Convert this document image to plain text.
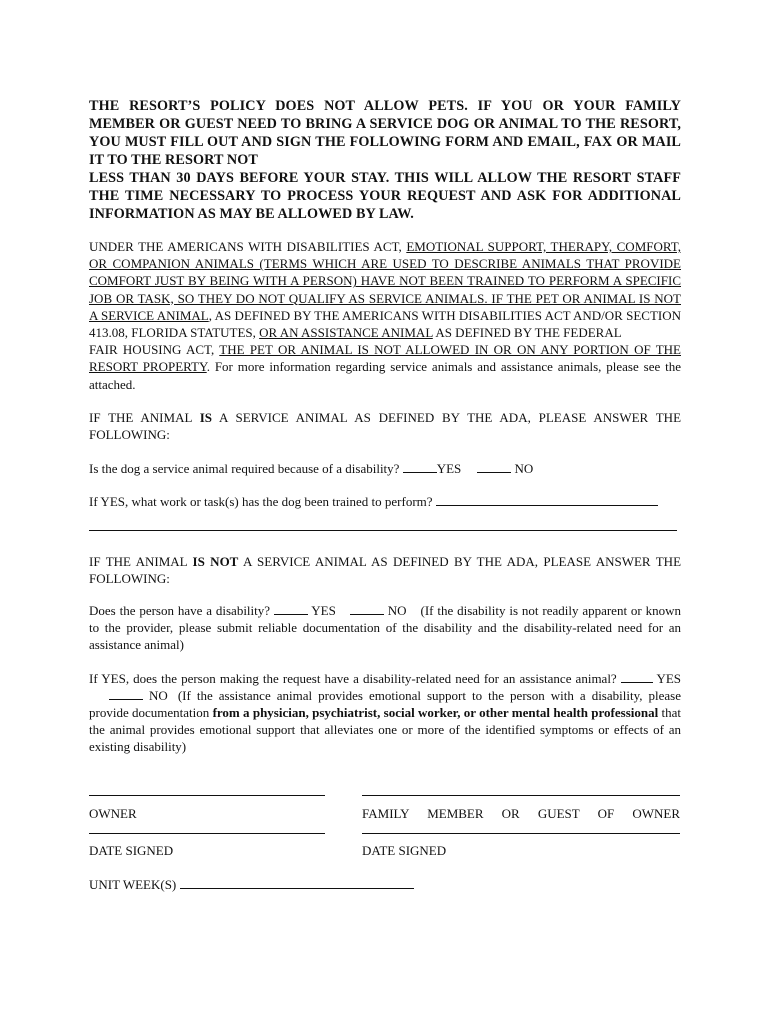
THE RESORT’S POLICY DOES NOT ALLOW PETS. IF YOU OR YOUR FAMILY MEMBER OR GUEST NEED TO BRING A SERVICE DOG OR ANIMAL TO THE RESORT, YOU MUST FILL OUT AND SIGN THE FOLLOWING FORM AND EMAIL, FAX OR MAIL IT TO THE RESORT NOT
LESS THAN 30 DAYS BEFORE YOUR STAY. THIS WILL ALLOW THE RESORT STAFF THE TIME NECESSARY TO PROCESS YOUR REQUEST AND ASK FOR ADDITIONAL INFORMATION AS MAY BE ALLOWED BY LAW.

UNDER THE AMERICANS WITH DISABILITIES ACT, EMOTIONAL SUPPORT, THERAPY, COMFORT, OR COMPANION ANIMALS (TERMS WHICH ARE USED TO DESCRIBE ANIMALS THAT PROVIDE COMFORT JUST BY BEING WITH A PERSON) HAVE NOT BEEN TRAINED TO PERFORM A SPECIFIC JOB OR TASK, SO THEY DO NOT QUALIFY AS SERVICE ANIMALS. IF THE PET OR ANIMAL IS NOT A SERVICE ANIMAL, AS DEFINED BY THE AMERICANS WITH DISABILITIES ACT AND/OR SECTION 413.08, FLORIDA STATUTES, OR AN ASSISTANCE ANIMAL AS DEFINED BY THE FEDERAL
FAIR HOUSING ACT, THE PET OR ANIMAL IS NOT ALLOWED IN OR ON ANY PORTION OF THE RESORT PROPERTY. For more information regarding service animals and assistance animals, please see the attached.

IF THE ANIMAL IS A SERVICE ANIMAL AS DEFINED BY THE ADA, PLEASE ANSWER THE FOLLOWING:

Is the dog a service animal required because of a disability?	YES	NO

If YES, what work or task(s) has the dog been trained to perform?

IF THE ANIMAL IS NOT A SERVICE ANIMAL AS DEFINED BY THE ADA, PLEASE ANSWER THE FOLLOWING:

Does the person have a disability?	YES	NO (If the disability is not readily apparent or known to the provider, please submit reliable documentation of the disability and the disability-related need for an assistance animal)

If YES, does the person making the request have a disability-related need for an assistance animal?	YES NO (If the assistance animal provides emotional support to the person with a disability, please provide documentation from a physician, psychiatrist, social worker, or other mental health professional that the animal provides emotional support that alleviates one or more of the identified symptoms or effects of an existing disability)

OWNER	FAMILY MEMBER OR GUEST OF OWNER
DATE SIGNED	DATE SIGNED

UNIT WEEK(S)
